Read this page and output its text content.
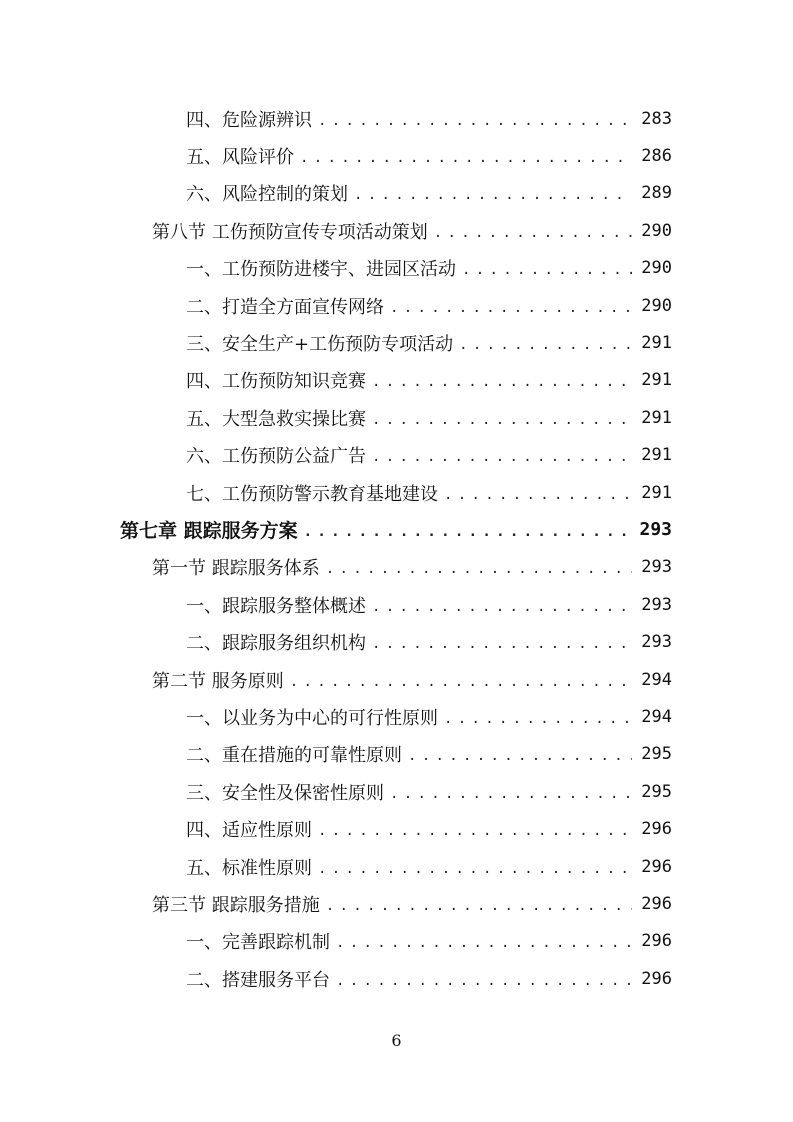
四、危险源辨识 .....	283
五、风险评价 .....	286
六、风险控制的策划 .....	289
第八节 工伤预防宣传专项活动策划 .....	290
一、工伤预防进楼宇、进园区活动 .....	290
二、打造全方面宣传网络 .....	290
三、安全生产+工伤预防专项活动 .....	291
四、工伤预防知识竞赛 .....	291
五、大型急救实操比赛 .....	291
六、工伤预防公益广告 .....	291
七、工伤预防警示教育基地建设 .....	291
第七章 跟踪服务方案 .....	293
第一节 跟踪服务体系 .....	293
一、跟踪服务整体概述 .....	293
二、跟踪服务组织机构 .....	293
第二节 服务原则 .....	294
一、以业务为中心的可行性原则 .....	294
二、重在措施的可靠性原则 .....	295
三、安全性及保密性原则 .....	295
四、适应性原则 .....	296
五、标准性原则 .....	296
第三节 跟踪服务措施 .....	296
一、完善跟踪机制 .....	296
二、搭建服务平台 .....	296
6
